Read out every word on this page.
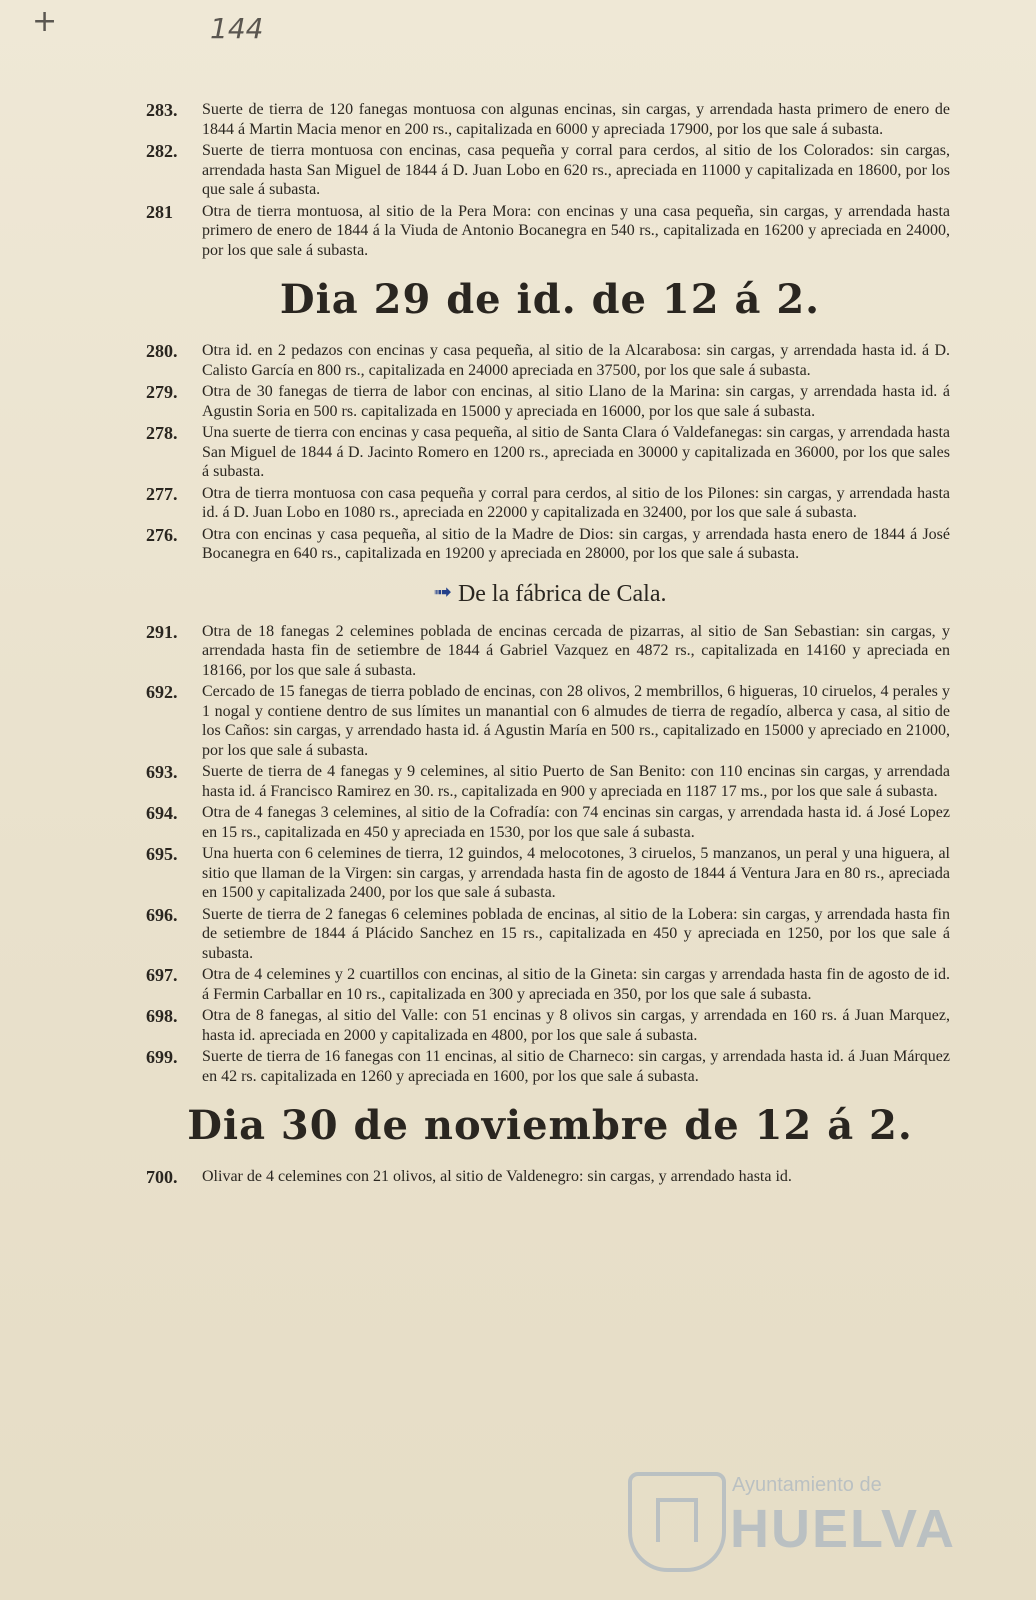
+	144
283.	Suerte de tierra de 120 fanegas montuosa con algunas encinas, sin cargas, y arrendada hasta primero de enero de 1844 á Martin Macia menor en 200 rs., capitalizada en 6000 y apreciada 17900, por los que sale á subasta.
282.	Suerte de tierra montuosa con encinas, casa pequeña y corral para cerdos, al sitio de los Colorados: sin cargas, arrendada hasta San Miguel de 1844 á D. Juan Lobo en 620 rs., apreciada en 11000 y capitalizada en 18600, por los que sale á subasta.
281	Otra de tierra montuosa, al sitio de la Pera Mora: con encinas y una casa pequeña, sin cargas, y arrendada hasta primero de enero de 1844 á la Viuda de Antonio Bocanegra en 540 rs., capitalizada en 16200 y apreciada en 24000, por los que sale á subasta.
Dia 29 de id. de 12 á 2.
280.	Otra id. en 2 pedazos con encinas y casa pequeña, al sitio de la Alcarabosa: sin cargas, y arrendada hasta id. á D. Calisto García en 800 rs., capitalizada en 24000 apreciada en 37500, por los que sale á subasta.
279.	Otra de 30 fanegas de tierra de labor con encinas, al sitio Llano de la Marina: sin cargas, y arrendada hasta id. á Agustin Soria en 500 rs. capitalizada en 15000 y apreciada en 16000, por los que sale á subasta.
278.	Una suerte de tierra con encinas y casa pequeña, al sitio de Santa Clara ó Valdefanegas: sin cargas, y arrendada hasta San Miguel de 1844 á D. Jacinto Romero en 1200 rs., apreciada en 30000 y capitalizada en 36000, por los que sales á subasta.
277.	Otra de tierra montuosa con casa pequeña y corral para cerdos, al sitio de los Pilones: sin cargas, y arrendada hasta id. á D. Juan Lobo en 1080 rs., apreciada en 22000 y capitalizada en 32400, por los que sale á subasta.
276.	Otra con encinas y casa pequeña, al sitio de la Madre de Dios: sin cargas, y arrendada hasta enero de 1844 á José Bocanegra en 640 rs., capitalizada en 19200 y apreciada en 28000, por los que sale á subasta.
➟ De la fábrica de Cala.
291.	Otra de 18 fanegas 2 celemines poblada de encinas cercada de pizarras, al sitio de San Sebastian: sin cargas, y arrendada hasta fin de setiembre de 1844 á Gabriel Vazquez en 4872 rs., capitalizada en 14160 y apreciada en 18166, por los que sale á subasta.
692.	Cercado de 15 fanegas de tierra poblado de encinas, con 28 olivos, 2 membrillos, 6 higueras, 10 ciruelos, 4 perales y 1 nogal y contiene dentro de sus límites un manantial con 6 almudes de tierra de regadío, alberca y casa, al sitio de los Caños: sin cargas, y arrendado hasta id. á Agustin María en 500 rs., capitalizado en 15000 y apreciado en 21000, por los que sale á subasta.
693.	Suerte de tierra de 4 fanegas y 9 celemines, al sitio Puerto de San Benito: con 110 encinas sin cargas, y arrendada hasta id. á Francisco Ramirez en 30. rs., capitalizada en 900 y apreciada en 1187 17 ms., por los que sale á subasta.
694.	Otra de 4 fanegas 3 celemines, al sitio de la Cofradía: con 74 encinas sin cargas, y arrendada hasta id. á José Lopez en 15 rs., capitalizada en 450 y apreciada en 1530, por los que sale á subasta.
695.	Una huerta con 6 celemines de tierra, 12 guindos, 4 melocotones, 3 ciruelos, 5 manzanos, un peral y una higuera, al sitio que llaman de la Virgen: sin cargas, y arrendada hasta fin de agosto de 1844 á Ventura Jara en 80 rs., apreciada en 1500 y capitalizada 2400, por los que sale á subasta.
696.	Suerte de tierra de 2 fanegas 6 celemines poblada de encinas, al sitio de la Lobera: sin cargas, y arrendada hasta fin de setiembre de 1844 á Plácido Sanchez en 15 rs., capitalizada en 450 y apreciada en 1250, por los que sale á subasta.
697.	Otra de 4 celemines y 2 cuartillos con encinas, al sitio de la Gineta: sin cargas y arrendada hasta fin de agosto de id. á Fermin Carballar en 10 rs., capitalizada en 300 y apreciada en 350, por los que sale á subasta.
698.	Otra de 8 fanegas, al sitio del Valle: con 51 encinas y 8 olivos sin cargas, y arrendada en 160 rs. á Juan Marquez, hasta id. apreciada en 2000 y capitalizada en 4800, por los que sale á subasta.
699.	Suerte de tierra de 16 fanegas con 11 encinas, al sitio de Charneco: sin cargas, y arrendada hasta id. á Juan Márquez en 42 rs. capitalizada en 1260 y apreciada en 1600, por los que sale á subasta.
Dia 30 de noviembre de 12 á 2.
700.	Olivar de 4 celemines con 21 olivos, al sitio de Valdenegro: sin cargas, y arrendado hasta id.
Ayuntamiento de
HUELVA
